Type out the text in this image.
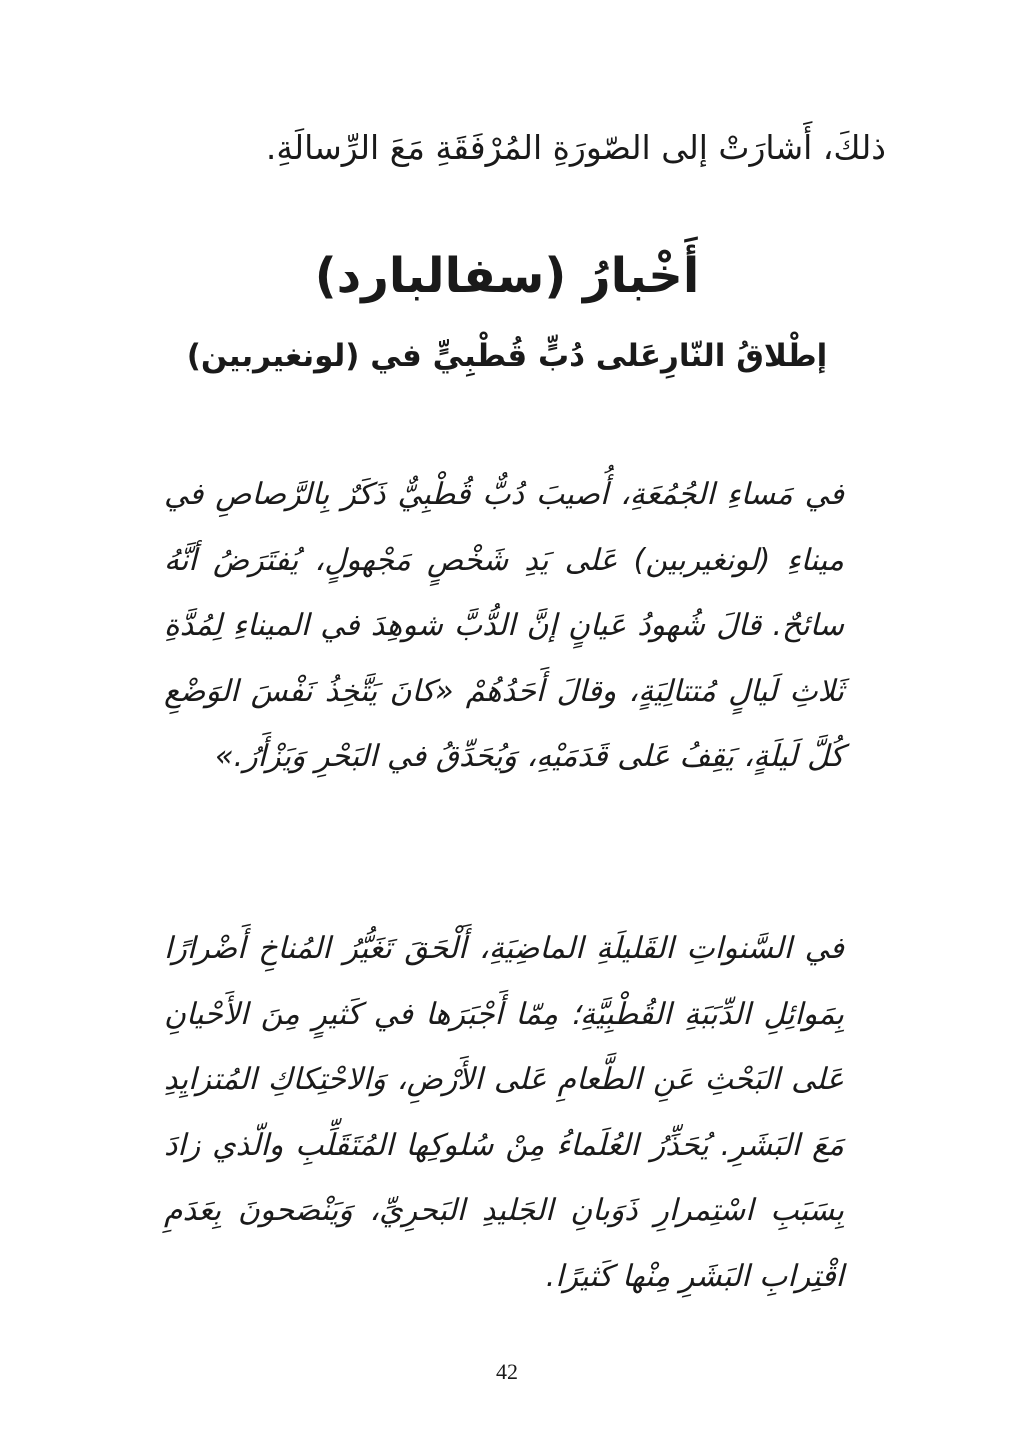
ذلكَ، أَشارَتْ إلى الصّورَةِ المُرْفَقَةِ مَعَ الرِّسالَةِ.

أَخْبارُ (سفالبارد)
إطْلاقُ النّارِعَلى دُبٍّ قُطْبِيٍّ في (لونغيربين)

في مَساءِ الجُمُعَةِ، أُصيبَ دُبٌّ قُطْبِيٌّ ذَكَرٌ بِالرَّصاصِ في ميناءِ (لونغيربين) عَلى يَدِ شَخْصٍ مَجْهولٍ، يُفتَرَضُ أنَّهُ سائحٌ. قالَ شُهودُ عَيانٍ إنَّ الدُّبَّ شوهِدَ في الميناءِ لِمُدَّةِ ثَلاثِ لَيالٍ مُتتالِيَةٍ، وقالَ أَحَدُهُمْ «كانَ يَتَّخِذُ نَفْسَ الوَضْعِ كُلَّ لَيلَةٍ، يَقِفُ عَلى قَدَمَيْهِ، وَيُحَدِّقُ في البَحْرِ وَيَزْأَرُ.»

في السَّنواتِ القَليلَةِ الماضِيَةِ، أَلْحَقَ تَغَيُّرُ المُناخِ أَضْرارًا بِمَوائِلِ الدِّبَبَةِ القُطْبِيَّةِ؛ مِمّا أَجْبَرَها في كَثيرٍ مِنَ الأَحْيانِ عَلى البَحْثِ عَنِ الطَّعامِ عَلى الأَرْضِ، وَالاحْتِكاكِ المُتزايِدِ مَعَ البَشَرِ. يُحَذِّرُ العُلَماءُ مِنْ سُلوكِها المُتَقَلِّبِ والّذي زادَ بِسَبَبِ اسْتِمرارِ ذَوَبانِ الجَليدِ البَحرِيِّ، وَيَنْصَحونَ بِعَدَمِ اقْتِرابِ البَشَرِ مِنْها كَثيرًا.

42
